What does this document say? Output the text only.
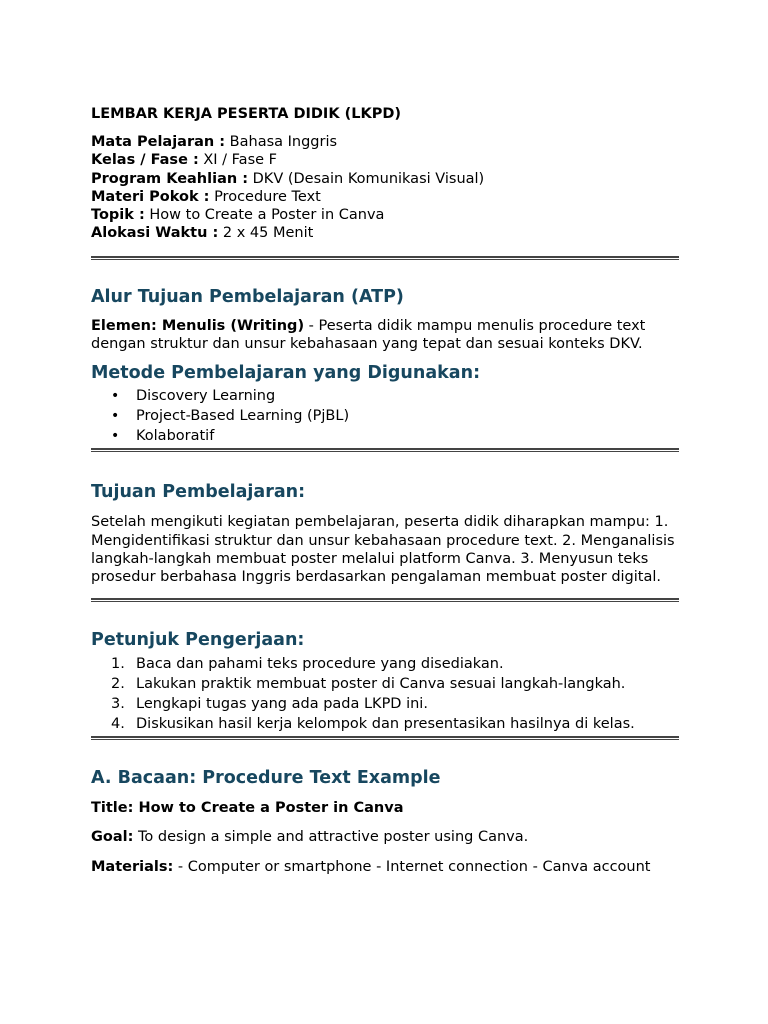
LEMBAR KERJA PESERTA DIDIK (LKPD)

Mata Pelajaran : Bahasa Inggris

Kelas / Fase : XI / Fase F

Program Keahlian : DKV (Desain Komunikasi Visual)

Materi Pokok : Procedure Text

Topik : How to Create a Poster in Canva

Alokasi Waktu : 2 x 45 Menit

Alur Tujuan Pembelajaran (ATP)

Elemen: Menulis (Writing) - Peserta didik mampu menulis procedure text dengan struktur dan unsur kebahasaan yang tepat dan sesuai konteks DKV.

Metode Pembelajaran yang Digunakan:
• Discovery Learning
• Project-Based Learning (PjBL)
• Kolaboratif
Tujuan Pembelajaran:

Setelah mengikuti kegiatan pembelajaran, peserta didik diharapkan mampu: 1. Mengidentifikasi struktur dan unsur kebahasaan procedure text. 2. Menganalisis langkah-langkah membuat poster melalui platform Canva. 3. Menyusun teks prosedur berbahasa Inggris berdasarkan pengalaman membuat poster digital.

Petunjuk Pengerjaan:
1. Baca dan pahami teks procedure yang disediakan.
2. Lakukan praktik membuat poster di Canva sesuai langkah-langkah.
3. Lengkapi tugas yang ada pada LKPD ini.
4. Diskusikan hasil kerja kelompok dan presentasikan hasilnya di kelas.
A. Bacaan: Procedure Text Example

Title: How to Create a Poster in Canva

Goal: To design a simple and attractive poster using Canva.

Materials: - Computer or smartphone - Internet connection - Canva account
